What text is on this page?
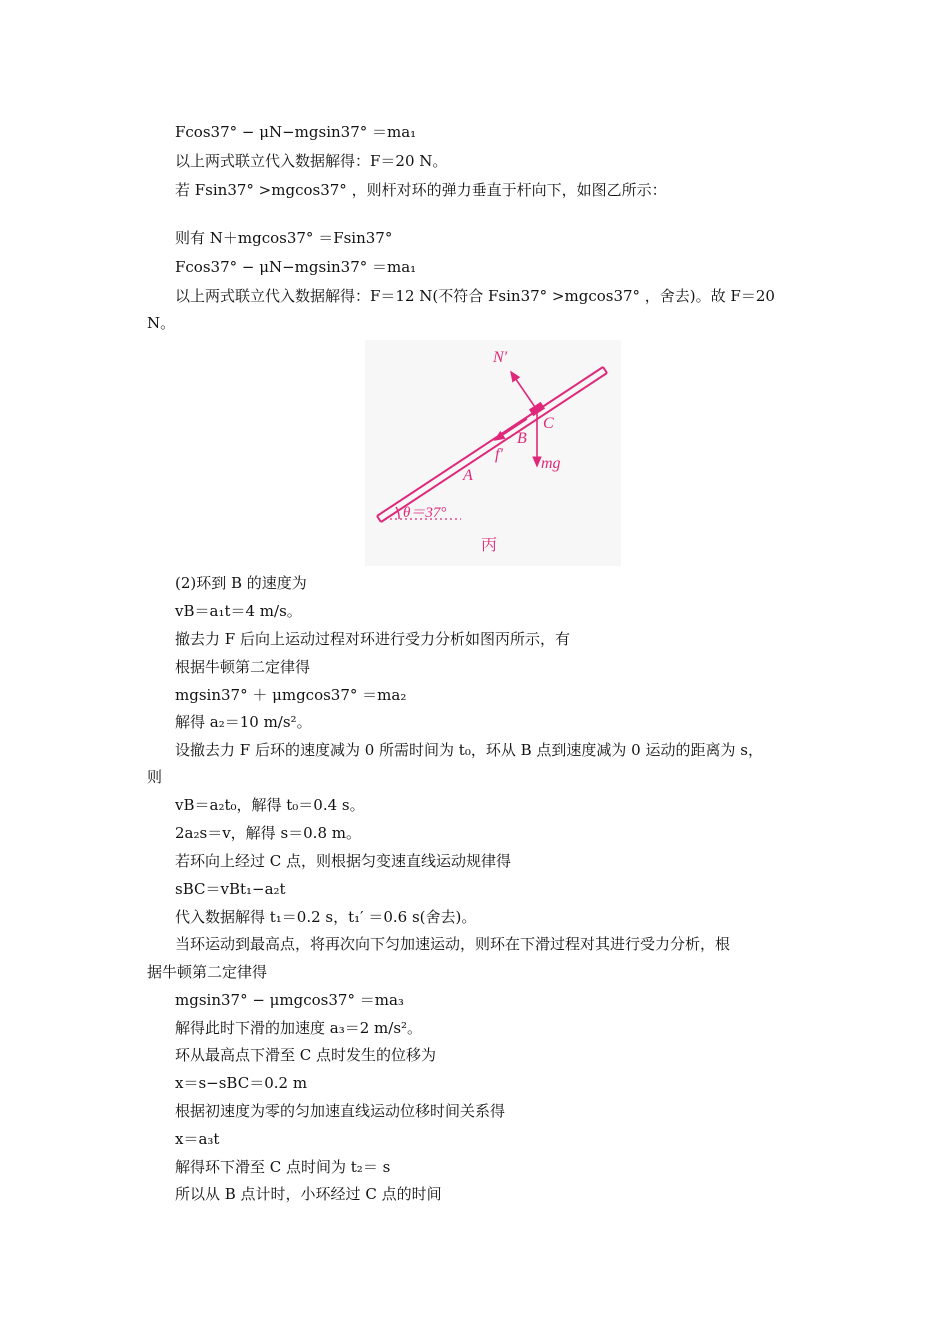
Fcos37° − μN−mgsin37° ＝ma₁
以上两式联立代入数据解得：F＝20 N。
若 Fsin37° >mgcos37° ，则杆对环的弹力垂直于杆向下，如图乙所示：
则有 N＋mgcos37° ＝Fsin37°
Fcos37° − μN−mgsin37° ＝ma₁
以上两式联立代入数据解得：F＝12 N(不符合 Fsin37° >mgcos37° ，舍去)。故 F＝20
N。
N′
C
B
f′
mg
A
θ＝37°
丙
(2)环到 B 的速度为
vB＝a₁t＝4 m/s。
撤去力 F 后向上运动过程对环进行受力分析如图丙所示，有
根据牛顿第二定律得
mgsin37° ＋ μmgcos37° ＝ma₂
解得 a₂＝10 m/s²。
设撤去力 F 后环的速度减为 0 所需时间为 t₀，环从 B 点到速度减为 0 运动的距离为 s，
则
vB＝a₂t₀，解得 t₀＝0.4 s。
2a₂s＝v，解得 s＝0.8 m。
若环向上经过 C 点，则根据匀变速直线运动规律得
sBC＝vBt₁−a₂t
代入数据解得 t₁＝0.2 s，t₁′ ＝0.6 s(舍去)。
当环运动到最高点，将再次向下匀加速运动，则环在下滑过程对其进行受力分析，根
据牛顿第二定律得
mgsin37° − μmgcos37° ＝ma₃
解得此时下滑的加速度 a₃＝2 m/s²。
环从最高点下滑至 C 点时发生的位移为
x＝s−sBC＝0.2 m
根据初速度为零的匀加速直线运动位移时间关系得
x＝a₃t
解得环下滑至 C 点时间为 t₂＝ s
所以从 B 点计时，小环经过 C 点的时间
